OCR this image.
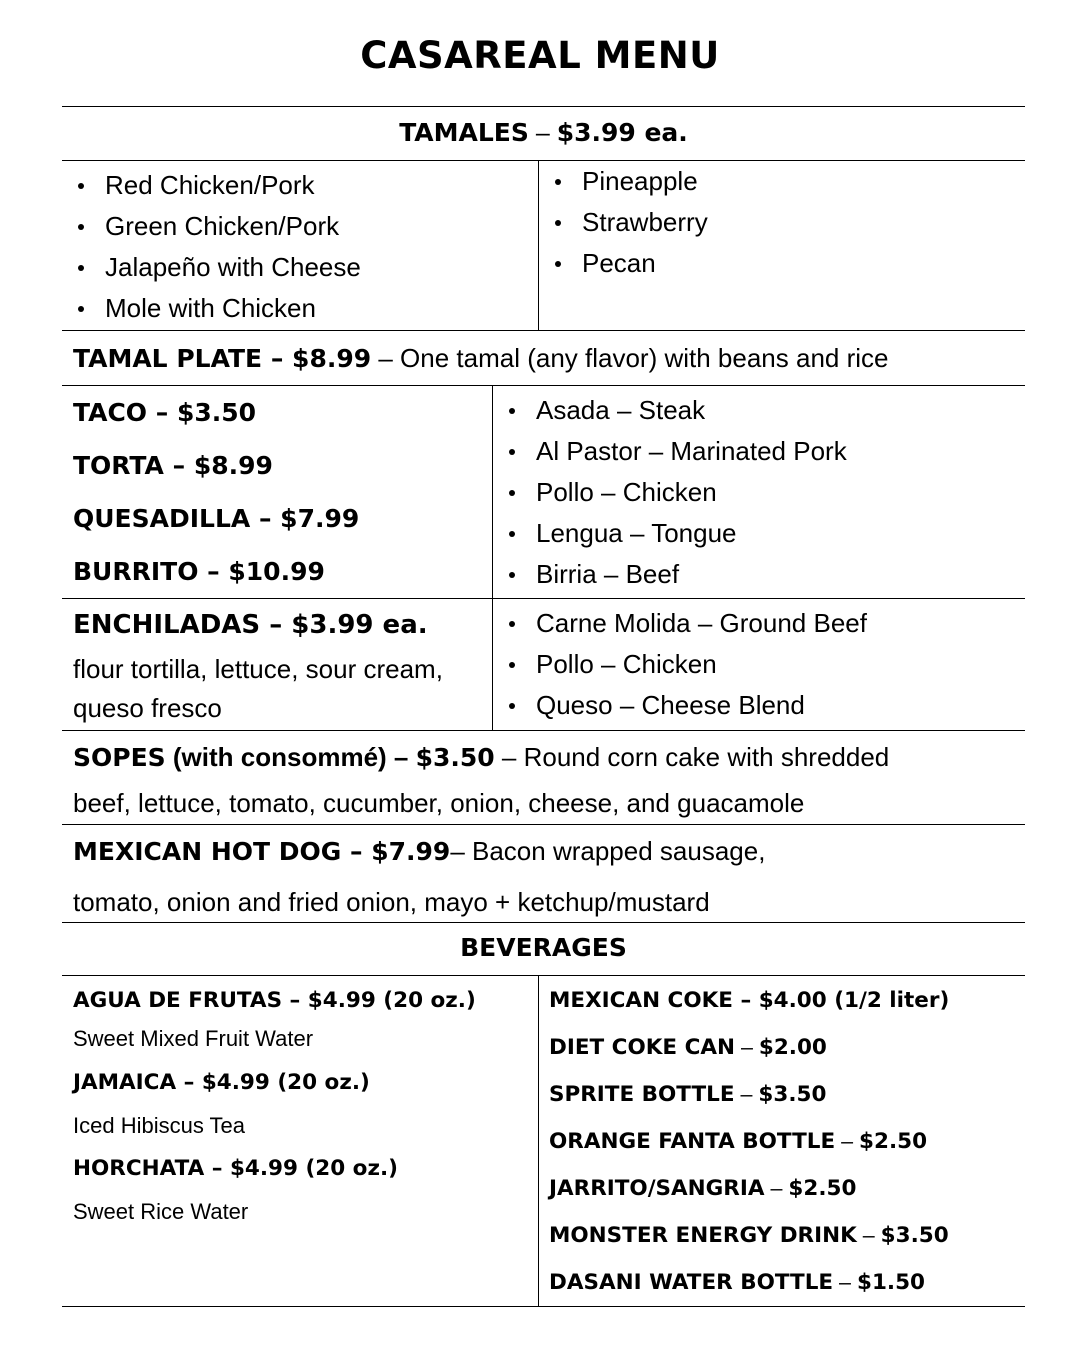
CASAREAL MENU
TAMALES – $3.99 ea.
Red Chicken/Pork
Green Chicken/Pork
Jalapeño with Cheese
Mole with Chicken
Pineapple
Strawberry
Pecan
TAMAL PLATE – $8.99 – One tamal (any flavor) with beans and rice
TACO – $3.50
TORTA – $8.99
QUESADILLA – $7.99
BURRITO – $10.99
Asada – Steak
Al Pastor – Marinated Pork
Pollo – Chicken
Lengua – Tongue
Birria – Beef
ENCHILADAS – $3.99 ea.
flour tortilla, lettuce, sour cream,
queso fresco
Carne Molida – Ground Beef
Pollo – Chicken
Queso – Cheese Blend
SOPES (with consommé) – $3.50 – Round corn cake with shredded
beef, lettuce, tomato, cucumber, onion, cheese, and guacamole
MEXICAN HOT DOG – $7.99– Bacon wrapped sausage,
tomato, onion and fried onion, mayo + ketchup/mustard
BEVERAGES
AGUA DE FRUTAS – $4.99 (20 oz.)
Sweet Mixed Fruit Water
JAMAICA – $4.99 (20 oz.)
Iced Hibiscus Tea
HORCHATA – $4.99 (20 oz.)
Sweet Rice Water
MEXICAN COKE – $4.00 (1/2 liter)
DIET COKE CAN – $2.00
SPRITE BOTTLE – $3.50
ORANGE FANTA BOTTLE – $2.50
JARRITO/SANGRIA – $2.50
MONSTER ENERGY DRINK – $3.50
DASANI WATER BOTTLE – $1.50
